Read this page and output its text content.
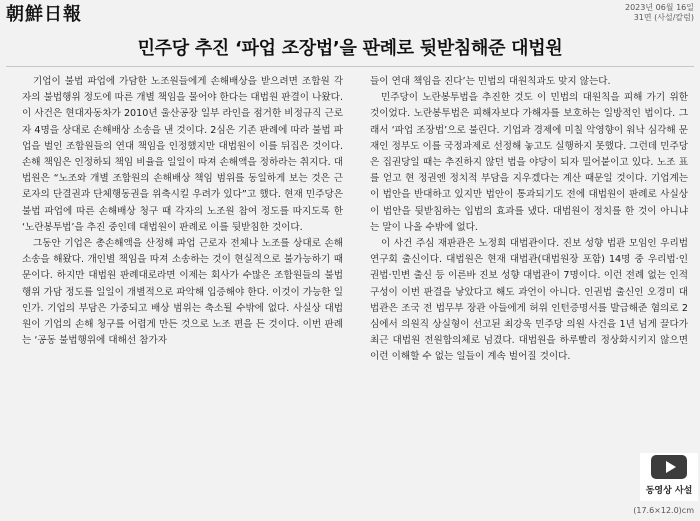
朝鮮日報	2023년 06월 16일
31면 (사설/칼럼)
민주당 추진 ‘파업 조장법’을 판례로 뒷받침해준 대법원

기업이 불법 파업에 가담한 노조원들에게 손해배상을 받으려면 조합원 각자의 불법행위 정도에 따른 개별 책임을 물어야 한다는 대법원 판결이 나왔다. 이 사건은 현대자동차가 2010년 울산공장 일부 라인을 점거한 비정규직 근로자 4명을 상대로 손해배상 소송을 낸 것이다. 2심은 기존 판례에 따라 불법 파업을 벌인 조합원들의 연대 책임을 인정했지만 대법원이 이를 뒤집은 것이다. 손해 책임은 인정하되 책임 비율을 일일이 따져 손해액을 정하라는 취지다. 대법원은 “노조와 개별 조합원의 손해배상 책임 범위를 동일하게 보는 것은 근로자의 단결권과 단체행동권을 위축시킬 우려가 있다”고 했다. 현재 민주당은 불법 파업에 따른 손해배상 청구 때 각자의 노조원 참여 정도를 따지도록 한 ‘노란봉투법’을 추진 중인데 대법원이 판례로 이를 뒷받침한 것이다.

그동안 기업은 총손해액을 산정해 파업 근로자 전체나 노조를 상대로 손해 소송을 해왔다. 개인별 책임을 따져 소송하는 것이 현실적으로 불가능하기 때문이다. 하지만 대법원 판례대로라면 이제는 회사가 수많은 조합원들의 불법행위 가담 정도를 일일이 개별적으로 파악해 입증해야 한다. 이것이 가능한 일인가. 기업의 부담은 가중되고 배상 범위는 축소될 수밖에 없다. 사실상 대법원이 기업의 손해 청구를 어렵게 만든 것으로 노조 편을 든 것이다. 이번 판례는 ‘공동 불법행위에 대해선 참가자

들이 연대 책임을 진다’는 민법의 대원칙과도 맞지 않는다.

민주당이 노란봉투법을 추진한 것도 이 민법의 대원칙을 피해 가기 위한 것이었다. 노란봉투법은 피해자보다 가해자를 보호하는 일방적인 법이다. 그래서 ‘파업 조장법’으로 불린다. 기업과 경제에 미칠 악영향이 워낙 심각해 문재인 정부도 이를 국정과제로 선정해 놓고도 실행하지 못했다. 그런데 민주당은 집권당일 때는 추진하지 않던 법을 야당이 되자 밀어붙이고 있다. 노조 표를 얻고 현 정권엔 정치적 부담을 지우겠다는 계산 때문일 것이다. 기업계는 이 법안을 반대하고 있지만 법안이 통과되기도 전에 대법원이 판례로 사실상 이 법안을 뒷받침하는 입법의 효과를 냈다. 대법원이 정치를 한 것이 아니냐는 말이 나올 수밖에 없다.

이 사건 주심 재판관은 노정희 대법관이다. 진보 성향 법관 모임인 우리법연구회 출신이다. 대법원은 현재 대법관(대법원장 포함) 14명 중 우리법·인권법·민변 출신 등 이른바 진보 성향 대법관이 7명이다. 이런 전례 없는 인적 구성이 이번 판결을 낳았다고 해도 과언이 아니다. 인권법 출신인 오경미 대법관은 조국 전 법무부 장관 아들에게 허위 인턴증명서를 발급해준 혐의로 2심에서 의원직 상실형이 선고된 최강욱 민주당 의원 사건을 1년 넘게 끌다가 최근 대법원 전원합의체로 넘겼다. 대법원을 하루빨리 정상화시키지 않으면 이런 이해할 수 없는 일들이 계속 벌어질 것이다.

동영상 사설
(17.6×12.0)cm
